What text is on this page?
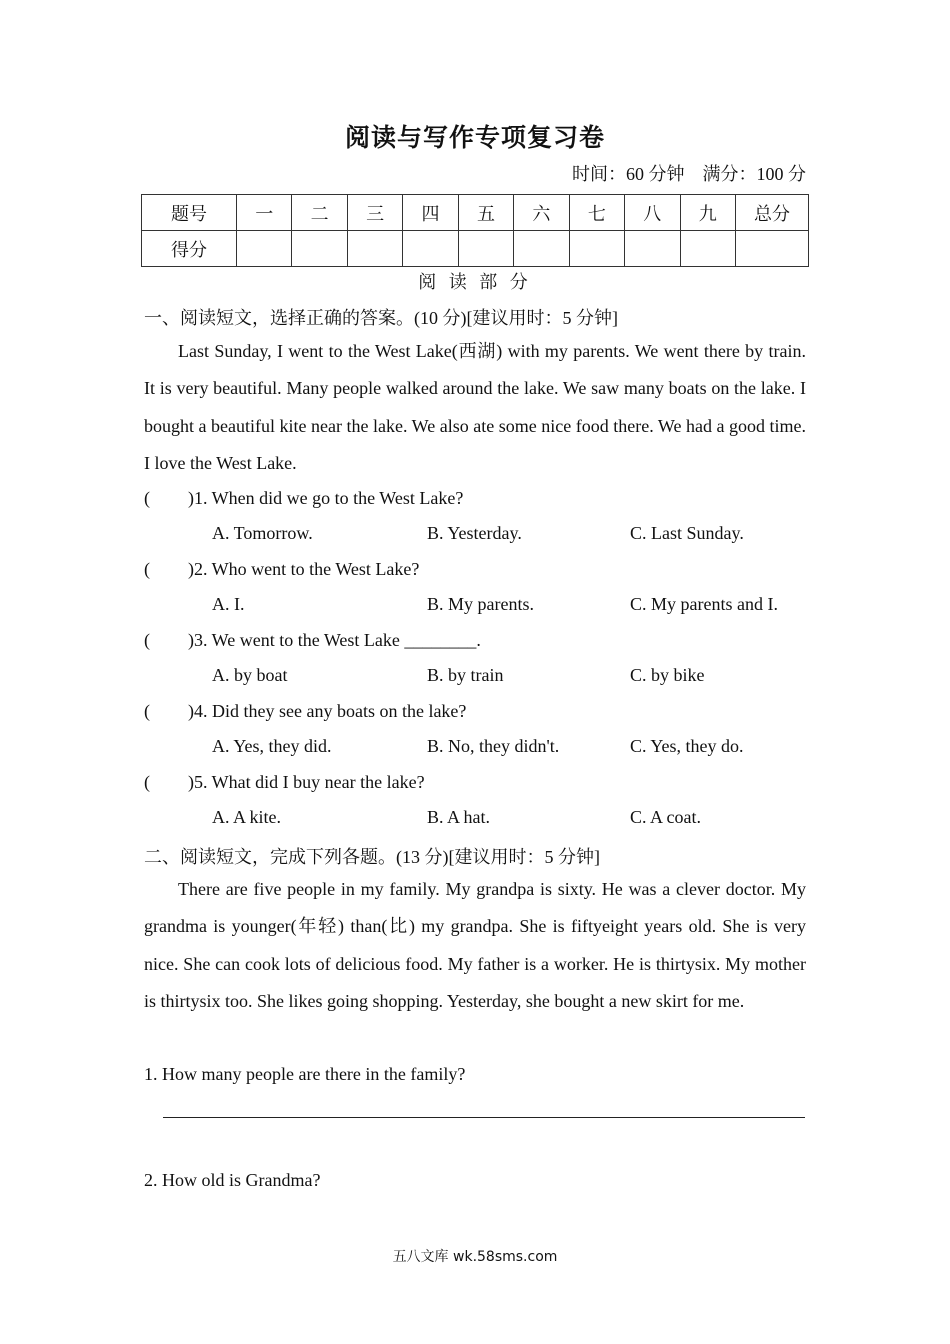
阅读与写作专项复习卷
时间：60 分钟    满分：100 分
题号	一	二	三	四	五	六	七	八	九	总分
得分										
阅 读 部 分
一、阅读短文，选择正确的答案。(10 分)[建议用时：5 分钟]
Last Sunday, I went to the West Lake(西湖) with my parents. We went there by train. It is very beautiful. Many people walked around the lake. We saw many boats on the lake. I bought a beautiful kite near the lake. We also ate some nice food there. We had a good time. I love the West Lake.
( )1. When did we go to the West Lake?
A. Tomorrow.	B. Yesterday.	C. Last Sunday.
( )2. Who went to the West Lake?
A. I.	B. My parents.	C. My parents and I.
( )3. We went to the West Lake ________.
A. by boat	B. by train	C. by bike
( )4. Did they see any boats on the lake?
A. Yes, they did.	B. No, they didn't.	C. Yes, they do.
( )5. What did I buy near the lake?
A. A kite.	B. A hat.	C. A coat.
二、阅读短文，完成下列各题。(13 分)[建议用时：5 分钟]
There are five people in my family. My grandpa is sixty. He was a clever doctor. My grandma is younger(年轻) than(比) my grandpa. She is fiftyeight years old. She is very nice. She can cook lots of delicious food. My father is a worker. He is thirtysix. My mother is thirtysix too. She likes going shopping. Yesterday, she bought a new skirt for me.
1. How many people are there in the family?
2. How old is Grandma?
五八文库 wk.58sms.com
